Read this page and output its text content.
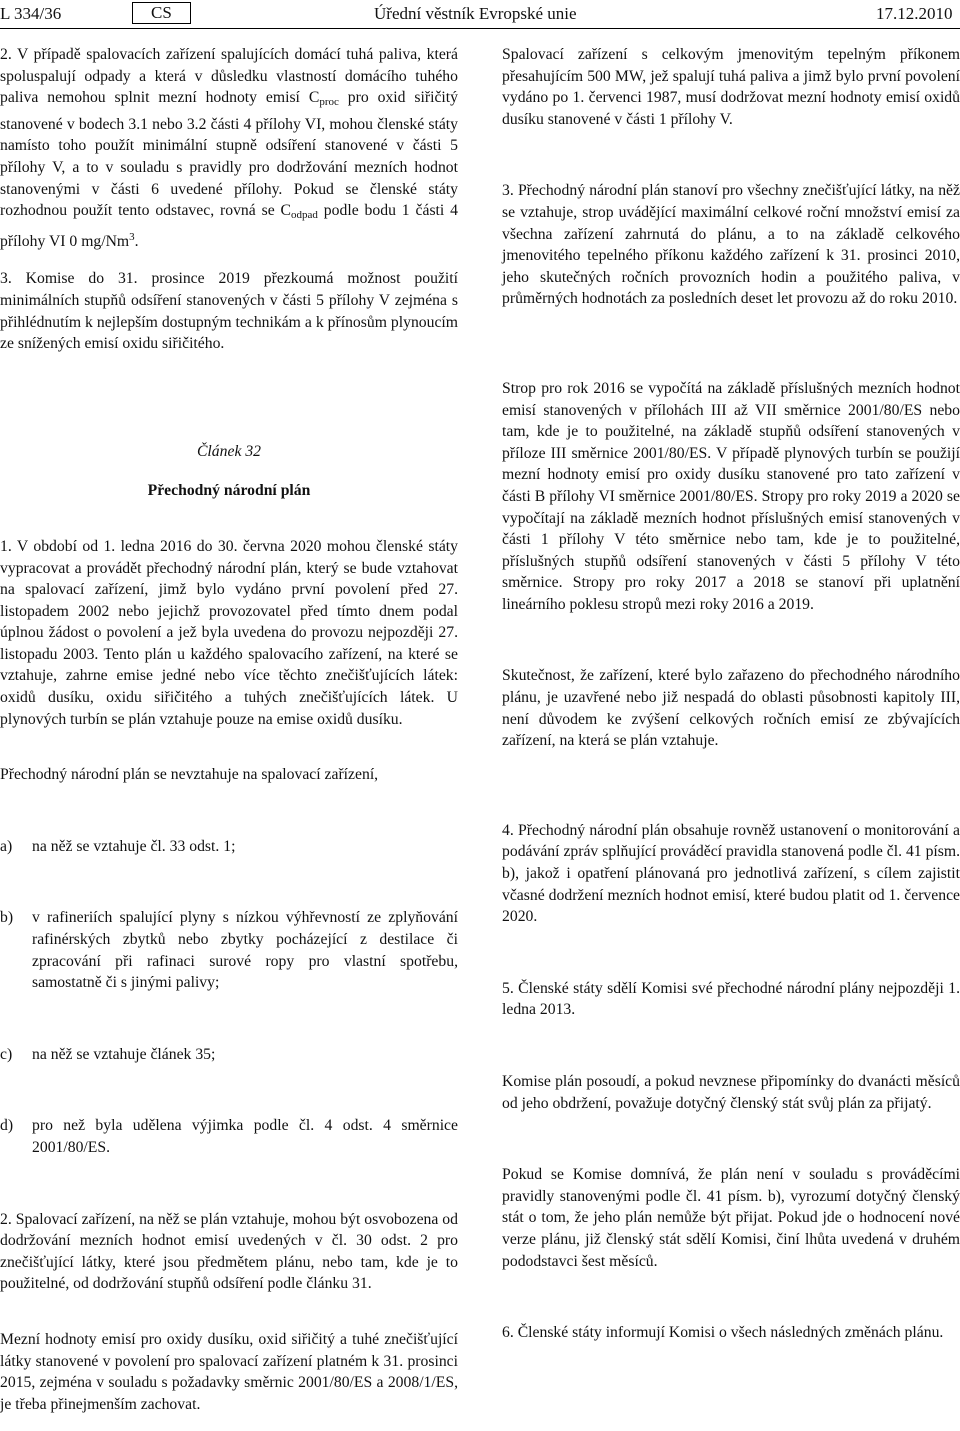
L 334/36	CS	Úřední věstník Evropské unie	17.12.2010

2. V případě spalovacích zařízení spalujících domácí tuhá paliva, která spoluspalují odpady a která v důsledku vlastností domácího tuhého paliva nemohou splnit mezní hodnoty emisí $C_{proc}$ pro oxid siřičitý stanovené v bodech 3.1 nebo 3.2 části 4 přílohy VI, mohou členské státy namísto toho použít minimální stupně odsíření stanovené v části 5 přílohy V, a to v souladu s pravidly pro dodržování mezních hodnot stanovenými v části 6 uvedené přílohy. Pokud se členské státy rozhodnou použít tento odstavec, rovná se $C_{odpad}$ podle bodu 1 části 4 přílohy VI 0 mg/Nm$^3$.

3. Komise do 31. prosince 2019 přezkoumá možnost použití minimálních stupňů odsíření stanovených v části 5 přílohy V zejména s přihlédnutím k nejlepším dostupným technikám a k přínosům plynoucím ze snížených emisí oxidu siřičitého.

Článek 32

Přechodný národní plán

1. V období od 1. ledna 2016 do 30. června 2020 mohou členské státy vypracovat a provádět přechodný národní plán, který se bude vztahovat na spalovací zařízení, jimž bylo vydáno první povolení před 27. listopadem 2002 nebo jejichž provozovatel před tímto dnem podal úplnou žádost o povolení a jež byla uvedena do provozu nejpozději 27. listopadu 2003. Tento plán u každého spalovacího zařízení, na které se vztahuje, zahrne emise jedné nebo více těchto znečišťujících látek: oxidů dusíku, oxidu siřičitého a tuhých znečišťujících látek. U plynových turbín se plán vztahuje pouze na emise oxidů dusíku.

Přechodný národní plán se nevztahuje na spalovací zařízení,

a)	na něž se vztahuje čl. 33 odst. 1;
b)	v rafineriích spalující plyny s nízkou výhřevností ze zplyňování rafinérských zbytků nebo zbytky pocházející z destilace či zpracování při rafinaci surové ropy pro vlastní spotřebu, samostatně či s jinými palivy;
c)	na něž se vztahuje článek 35;
d)	pro než byla udělena výjimka podle čl. 4 odst. 4 směrnice 2001/80/ES.

2. Spalovací zařízení, na něž se plán vztahuje, mohou být osvobozena od dodržování mezních hodnot emisí uvedených v čl. 30 odst. 2 pro znečišťující látky, které jsou předmětem plánu, nebo tam, kde je to použitelné, od dodržování stupňů odsíření podle článku 31.

Mezní hodnoty emisí pro oxidy dusíku, oxid siřičitý a tuhé znečišťující látky stanovené v povolení pro spalovací zařízení platném k 31. prosinci 2015, zejména v souladu s požadavky směrnic 2001/80/ES a 2008/1/ES, je třeba přinejmenším zachovat.

Spalovací zařízení s celkovým jmenovitým tepelným příkonem přesahujícím 500 MW, jež spalují tuhá paliva a jimž bylo první povolení vydáno po 1. červenci 1987, musí dodržovat mezní hodnoty emisí oxidů dusíku stanovené v části 1 přílohy V.

3. Přechodný národní plán stanoví pro všechny znečišťující látky, na něž se vztahuje, strop uvádějící maximální celkové roční množství emisí za všechna zařízení zahrnutá do plánu, a to na základě celkového jmenovitého tepelného příkonu každého zařízení k 31. prosinci 2010, jeho skutečných ročních provozních hodin a použitého paliva, v průměrných hodnotách za posledních deset let provozu až do roku 2010.

Strop pro rok 2016 se vypočítá na základě příslušných mezních hodnot emisí stanovených v přílohách III až VII směrnice 2001/80/ES nebo tam, kde je to použitelné, na základě stupňů odsíření stanovených v příloze III směrnice 2001/80/ES. V případě plynových turbín se použijí mezní hodnoty emisí pro oxidy dusíku stanovené pro tato zařízení v části B přílohy VI směrnice 2001/80/ES. Stropy pro roky 2019 a 2020 se vypočítají na základě mezních hodnot příslušných emisí stanovených v části 1 přílohy V této směrnice nebo tam, kde je to použitelné, příslušných stupňů odsíření stanovených v části 5 přílohy V této směrnice. Stropy pro roky 2017 a 2018 se stanoví při uplatnění lineárního poklesu stropů mezi roky 2016 a 2019.

Skutečnost, že zařízení, které bylo zařazeno do přechodného národního plánu, je uzavřené nebo již nespadá do oblasti působnosti kapitoly III, není důvodem ke zvýšení celkových ročních emisí ze zbývajících zařízení, na která se plán vztahuje.

4. Přechodný národní plán obsahuje rovněž ustanovení o monitorování a podávání zpráv splňující prováděcí pravidla stanovená podle čl. 41 písm. b), jakož i opatření plánovaná pro jednotlivá zařízení, s cílem zajistit včasné dodržení mezních hodnot emisí, které budou platit od 1. července 2020.

5. Členské státy sdělí Komisi své přechodné národní plány nejpozději 1. ledna 2013.

Komise plán posoudí, a pokud nevznese připomínky do dvanácti měsíců od jeho obdržení, považuje dotyčný členský stát svůj plán za přijatý.

Pokud se Komise domnívá, že plán není v souladu s prováděcími pravidly stanovenými podle čl. 41 písm. b), vyrozumí dotyčný členský stát o tom, že jeho plán nemůže být přijat. Pokud jde o hodnocení nové verze plánu, již členský stát sdělí Komisi, činí lhůta uvedená v druhém pododstavci šest měsíců.

6. Členské státy informují Komisi o všech následných změnách plánu.
